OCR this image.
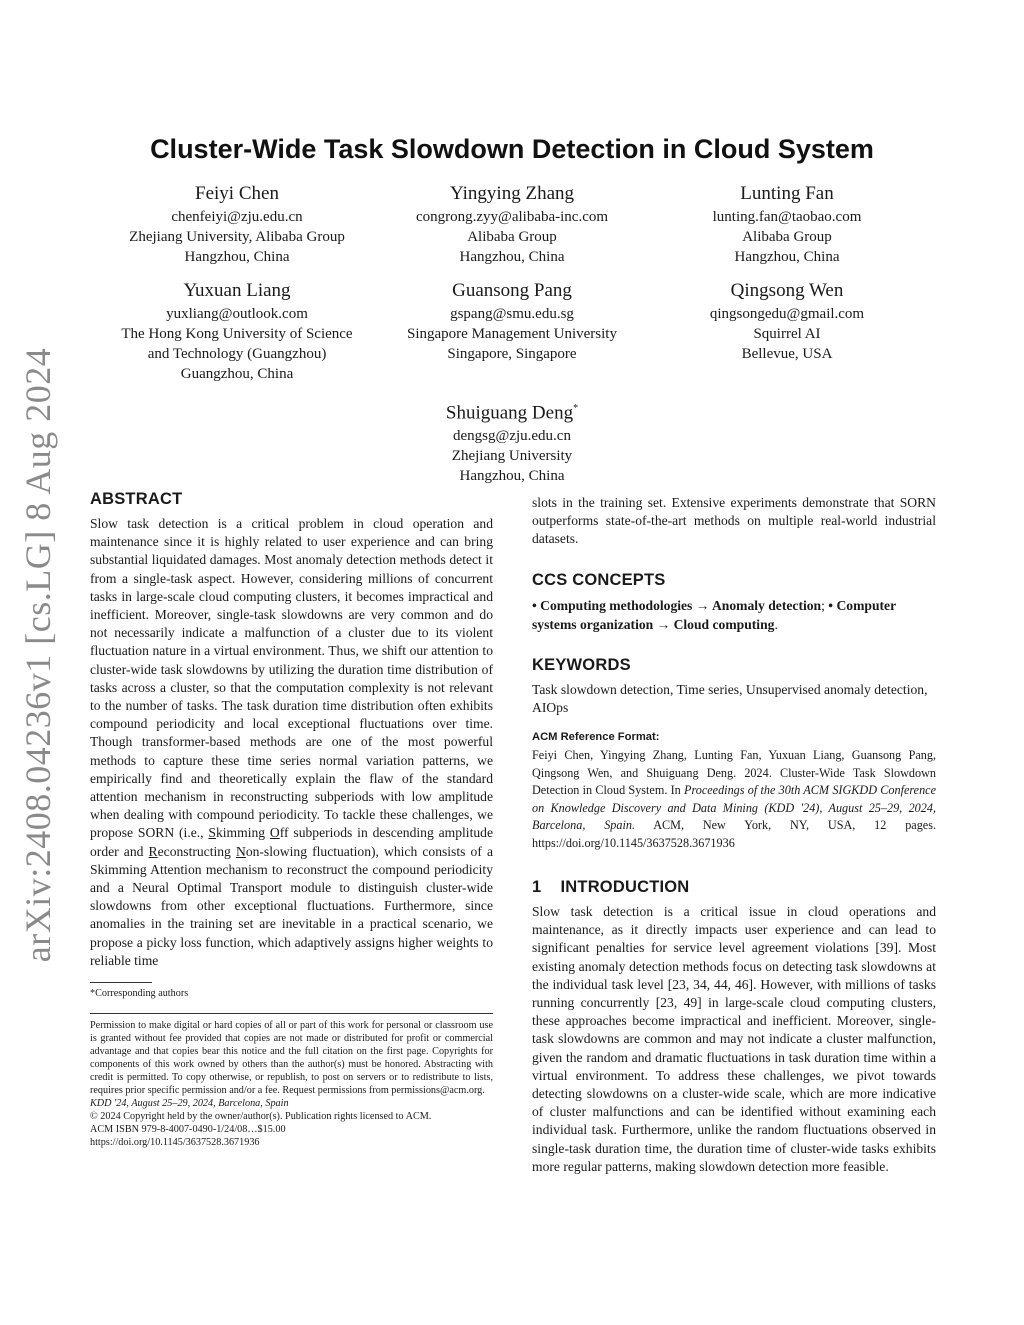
arXiv:2408.04236v1 [cs.LG] 8 Aug 2024
Cluster-Wide Task Slowdown Detection in Cloud System
Feiyi Chen
chenfeiyi@zju.edu.cn
Zhejiang University, Alibaba Group
Hangzhou, China
Yingying Zhang
congrong.zyy@alibaba-inc.com
Alibaba Group
Hangzhou, China
Lunting Fan
lunting.fan@taobao.com
Alibaba Group
Hangzhou, China
Yuxuan Liang
yuxliang@outlook.com
The Hong Kong University of Science
and Technology (Guangzhou)
Guangzhou, China
Guansong Pang
gspang@smu.edu.sg
Singapore Management University
Singapore, Singapore
Qingsong Wen
qingsongedu@gmail.com
Squirrel AI
Bellevue, USA
Shuiguang Deng*
dengsg@zju.edu.cn
Zhejiang University
Hangzhou, China
ABSTRACT

Slow task detection is a critical problem in cloud operation and maintenance since it is highly related to user experience and can bring substantial liquidated damages. Most anomaly detection methods detect it from a single-task aspect. However, considering millions of concurrent tasks in large-scale cloud computing clusters, it becomes impractical and inefficient. Moreover, single-task slowdowns are very common and do not necessarily indicate a malfunction of a cluster due to its violent fluctuation nature in a virtual environment. Thus, we shift our attention to cluster-wide task slowdowns by utilizing the duration time distribution of tasks across a cluster, so that the computation complexity is not relevant to the number of tasks. The task duration time distribution often exhibits compound periodicity and local exceptional fluctuations over time. Though transformer-based methods are one of the most powerful methods to capture these time series normal variation patterns, we empirically find and theoretically explain the flaw of the standard attention mechanism in reconstructing subperiods with low amplitude when dealing with compound periodicity. To tackle these challenges, we propose SORN (i.e., Skimming Off subperiods in descending amplitude order and Reconstructing Non-slowing fluctuation), which consists of a Skimming Attention mechanism to reconstruct the compound periodicity and a Neural Optimal Transport module to distinguish cluster-wide slowdowns from other exceptional fluctuations. Furthermore, since anomalies in the training set are inevitable in a practical scenario, we propose a picky loss function, which adaptively assigns higher weights to reliable time

*Corresponding authors

Permission to make digital or hard copies of all or part of this work for personal or classroom use is granted without fee provided that copies are not made or distributed for profit or commercial advantage and that copies bear this notice and the full citation on the first page. Copyrights for components of this work owned by others than the author(s) must be honored. Abstracting with credit is permitted. To copy otherwise, or republish, to post on servers or to redistribute to lists, requires prior specific permission and/or a fee. Request permissions from permissions@acm.org.

KDD '24, August 25–29, 2024, Barcelona, Spain

© 2024 Copyright held by the owner/author(s). Publication rights licensed to ACM.

ACM ISBN 979-8-4007-0490-1/24/08…$15.00

https://doi.org/10.1145/3637528.3671936

slots in the training set. Extensive experiments demonstrate that SORN outperforms state-of-the-art methods on multiple real-world industrial datasets.

CCS CONCEPTS

• Computing methodologies → Anomaly detection; • Computer systems organization → Cloud computing.

KEYWORDS

Task slowdown detection, Time series, Unsupervised anomaly detection, AIOps

ACM Reference Format:

Feiyi Chen, Yingying Zhang, Lunting Fan, Yuxuan Liang, Guansong Pang, Qingsong Wen, and Shuiguang Deng. 2024. Cluster-Wide Task Slowdown Detection in Cloud System. In Proceedings of the 30th ACM SIGKDD Conference on Knowledge Discovery and Data Mining (KDD '24), August 25–29, 2024, Barcelona, Spain. ACM, New York, NY, USA, 12 pages. https://doi.org/10.1145/3637528.3671936

1    INTRODUCTION

Slow task detection is a critical issue in cloud operations and maintenance, as it directly impacts user experience and can lead to significant penalties for service level agreement violations [39]. Most existing anomaly detection methods focus on detecting task slowdowns at the individual task level [23, 34, 44, 46]. However, with millions of tasks running concurrently [23, 49] in large-scale cloud computing clusters, these approaches become impractical and inefficient. Moreover, single-task slowdowns are common and may not indicate a cluster malfunction, given the random and dramatic fluctuations in task duration time within a virtual environment. To address these challenges, we pivot towards detecting slowdowns on a cluster-wide scale, which are more indicative of cluster malfunctions and can be identified without examining each individual task. Furthermore, unlike the random fluctuations observed in single-task duration time, the duration time of cluster-wide tasks exhibits more regular patterns, making slowdown detection more feasible.
